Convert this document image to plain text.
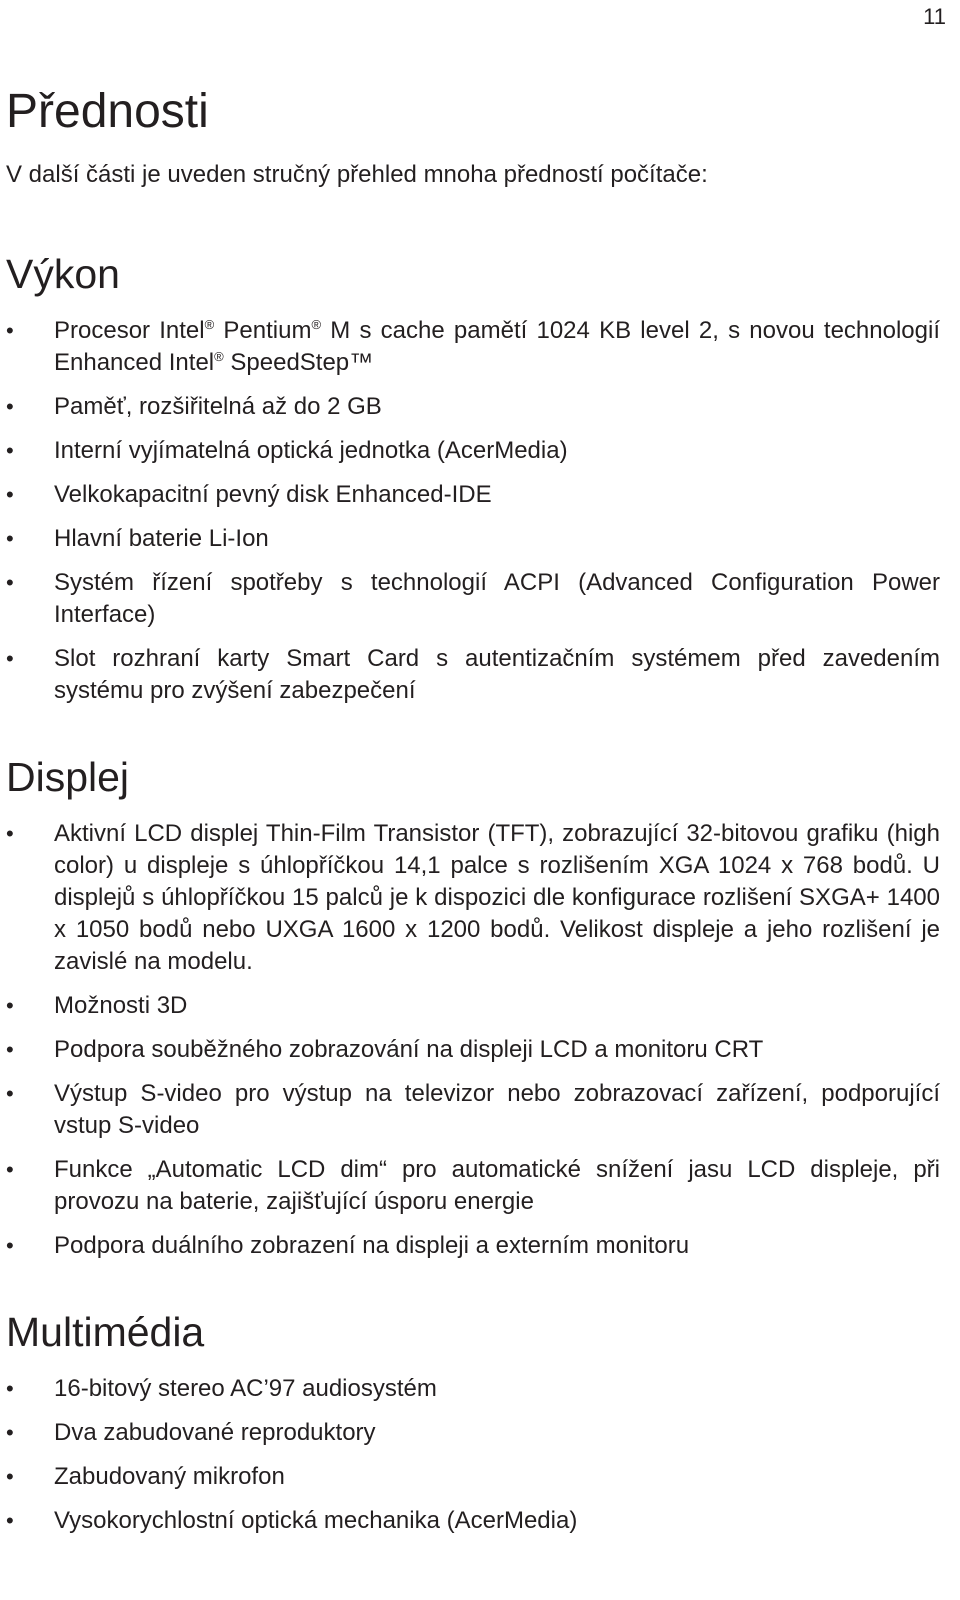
11
Přednosti

V další části je uveden stručný přehled mnoha předností počítače:

Výkon
• Procesor Intel® Pentium® M s cache pamětí 1024 KB level 2, s novou technologií Enhanced Intel® SpeedStep™
• Paměť, rozšiřitelná až do 2 GB
• Interní vyjímatelná optická jednotka (AcerMedia)
• Velkokapacitní pevný disk Enhanced-IDE
• Hlavní baterie Li-Ion
• Systém řízení spotřeby s technologií ACPI (Advanced Configuration Power Interface)
• Slot rozhraní karty Smart Card s autentizačním systémem před zavedením systému pro zvýšení zabezpečení
Displej
• Aktivní LCD displej Thin-Film Transistor (TFT), zobrazující 32-bitovou grafiku (high color) u displeje s úhlopříčkou 14,1 palce s rozlišením XGA 1024 x 768 bodů. U displejů s úhlopříčkou 15 palců je k dispozici dle konfigurace rozlišení SXGA+ 1400 x 1050 bodů nebo UXGA 1600 x 1200 bodů. Velikost displeje a jeho rozlišení je zavislé na modelu.
• Možnosti 3D
• Podpora souběžného zobrazování na displeji LCD a monitoru CRT
• Výstup S-video pro výstup na televizor nebo zobrazovací zařízení, podporující vstup S-video
• Funkce „Automatic LCD dim“ pro automatické snížení jasu LCD displeje, při provozu na baterie, zajišťující úsporu energie
• Podpora duálního zobrazení na displeji a externím monitoru
Multimédia
• 16-bitový stereo AC’97 audiosystém
• Dva zabudované reproduktory
• Zabudovaný mikrofon
• Vysokorychlostní optická mechanika (AcerMedia)
